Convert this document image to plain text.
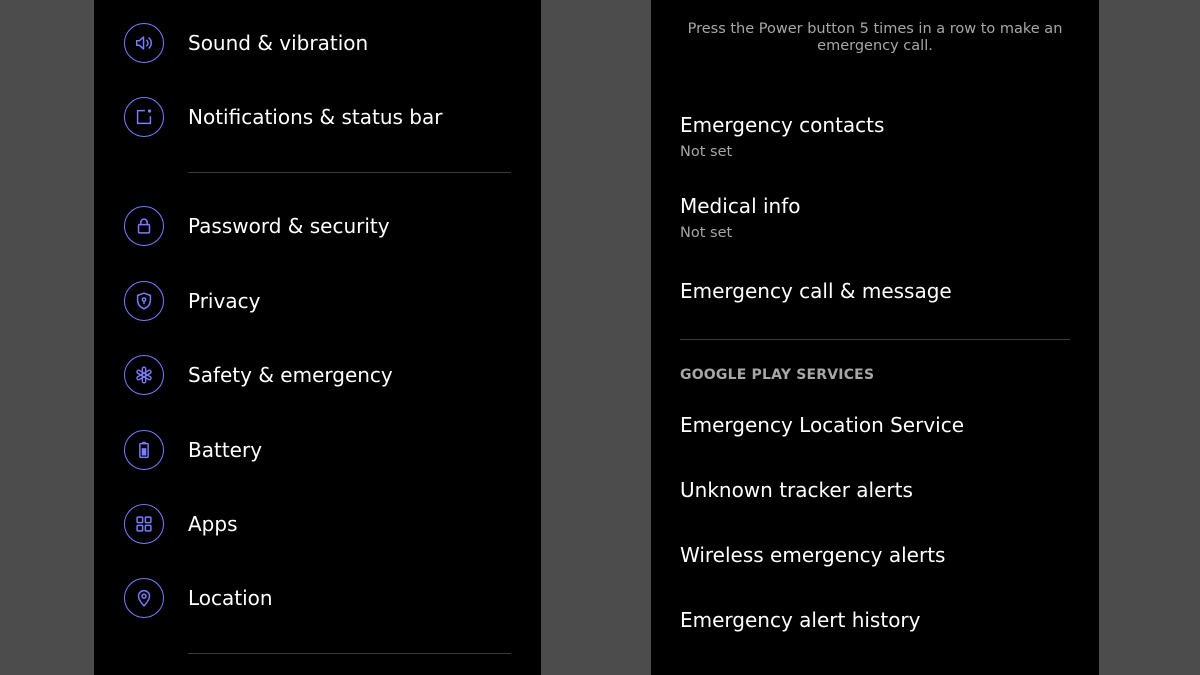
Sound & vibration
Notifications & status bar
Password & security
Privacy
Safety & emergency
Battery
Apps
Location
Press the Power button 5 times in a row to make an emergency call.
Emergency contacts
Not set
Medical info
Not set
Emergency call & message
GOOGLE PLAY SERVICES
Emergency Location Service
Unknown tracker alerts
Wireless emergency alerts
Emergency alert history
